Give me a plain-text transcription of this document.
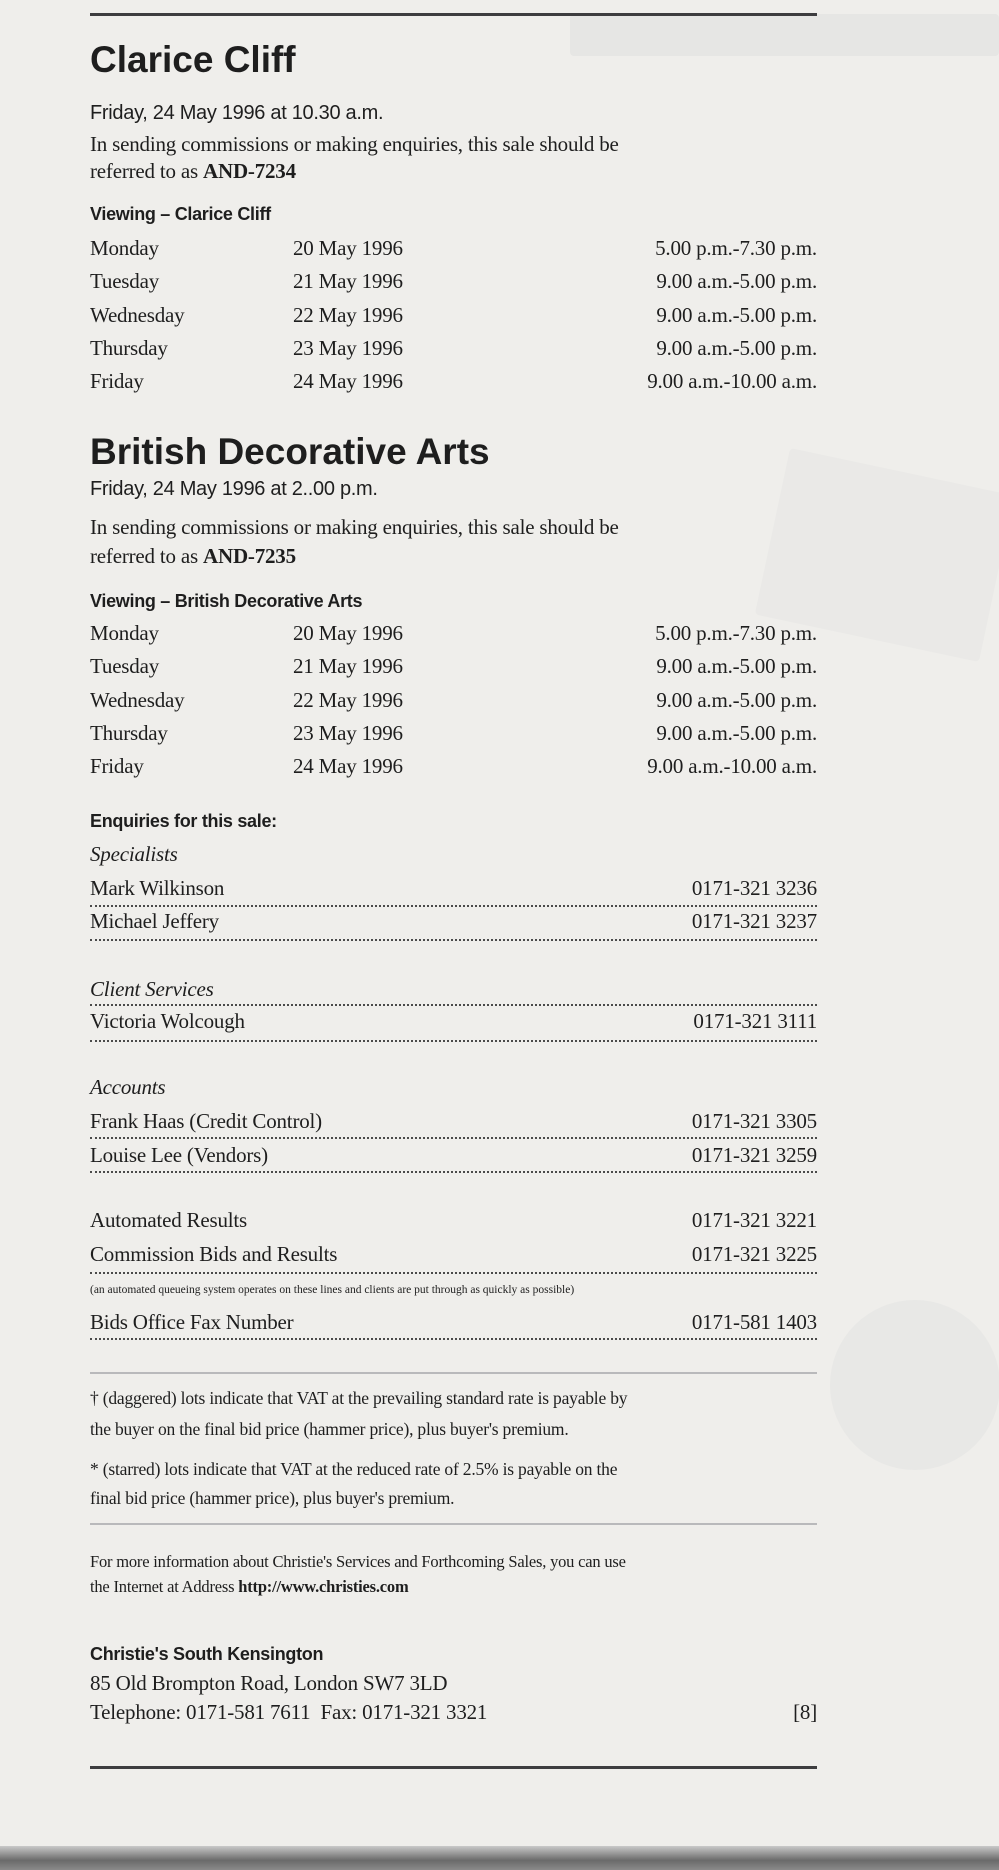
Clarice Cliff
Friday, 24 May 1996 at 10.30 a.m.
In sending commissions or making enquiries, this sale should be
referred to as AND-7234
Viewing – Clarice Cliff
Monday	20 May 1996	5.00 p.m.-7.30 p.m.
Tuesday	21 May 1996	9.00 a.m.-5.00 p.m.
Wednesday	22 May 1996	9.00 a.m.-5.00 p.m.
Thursday	23 May 1996	9.00 a.m.-5.00 p.m.
Friday	24 May 1996	9.00 a.m.-10.00 a.m.
British Decorative Arts
Friday, 24 May 1996 at 2..00 p.m.
In sending commissions or making enquiries, this sale should be
referred to as AND-7235
Viewing – British Decorative Arts
Monday	20 May 1996	5.00 p.m.-7.30 p.m.
Tuesday	21 May 1996	9.00 a.m.-5.00 p.m.
Wednesday	22 May 1996	9.00 a.m.-5.00 p.m.
Thursday	23 May 1996	9.00 a.m.-5.00 p.m.
Friday	24 May 1996	9.00 a.m.-10.00 a.m.
Enquiries for this sale:
Specialists
Mark Wilkinson	0171-321 3236
Michael Jeffery	0171-321 3237
Client Services
Victoria Wolcough	0171-321 3111
Accounts
Frank Haas (Credit Control)	0171-321 3305
Louise Lee (Vendors)	0171-321 3259
Automated Results	0171-321 3221
Commission Bids and Results	0171-321 3225
(an automated queueing system operates on these lines and clients are put through as quickly as possible)
Bids Office Fax Number	0171-581 1403
† (daggered) lots indicate that VAT at the prevailing standard rate is payable by
the buyer on the final bid price (hammer price), plus buyer's premium.
* (starred) lots indicate that VAT at the reduced rate of 2.5% is payable on the
final bid price (hammer price), plus buyer's premium.
For more information about Christie's Services and Forthcoming Sales, you can use
the Internet at Address http://www.christies.com
Christie's South Kensington
85 Old Brompton Road, London SW7 3LD
Telephone: 0171-581 7611  Fax: 0171-321 3321	[8]
